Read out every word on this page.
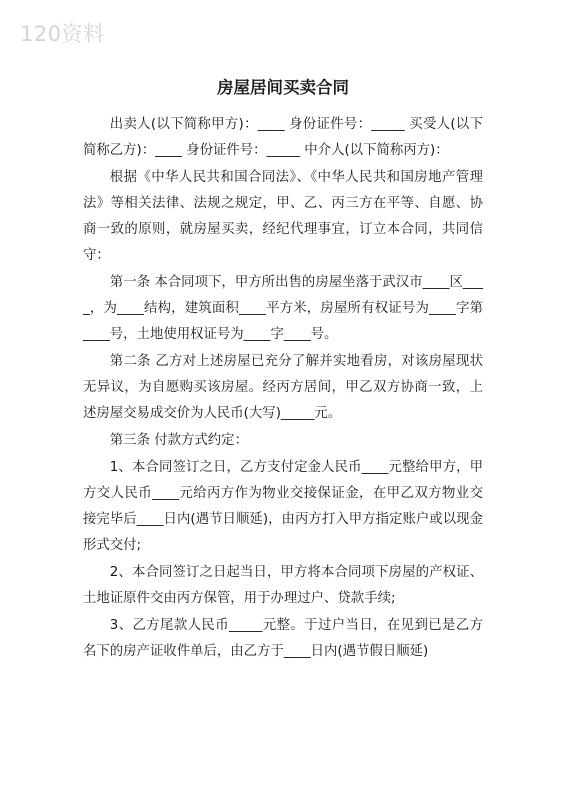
120资料
房屋居间买卖合同

出卖人(以下简称甲方)：____ 身份证件号：_____ 买受人(以下简称乙方)：____ 身份证件号：_____ 中介人(以下简称丙方)：

根据《中华人民共和国合同法》、《中华人民共和国房地产管理法》等相关法律、法规之规定，甲、乙、丙三方在平等、自愿、协商一致的原则，就房屋买卖，经纪代理事宜，订立本合同，共同信守：

第一条 本合同项下，甲方所出售的房屋坐落于武汉市____区____，为____结构，建筑面积____平方米，房屋所有权证号为____字第____号，土地使用权证号为____字____号。

第二条 乙方对上述房屋已充分了解并实地看房，对该房屋现状无异议，为自愿购买该房屋。经丙方居间，甲乙双方协商一致，上述房屋交易成交价为人民币(大写)_____元。

第三条 付款方式约定：

1、本合同签订之日，乙方支付定金人民币____元整给甲方，甲方交人民币____元给丙方作为物业交接保证金，在甲乙双方物业交接完毕后____日内(遇节日顺延)，由丙方打入甲方指定账户或以现金形式交付;

2、本合同签订之日起当日，甲方将本合同项下房屋的产权证、土地证原件交由丙方保管，用于办理过户、贷款手续;

3、乙方尾款人民币_____元整。于过户当日，在见到已是乙方名下的房产证收件单后，由乙方于____日内(遇节假日顺延)
